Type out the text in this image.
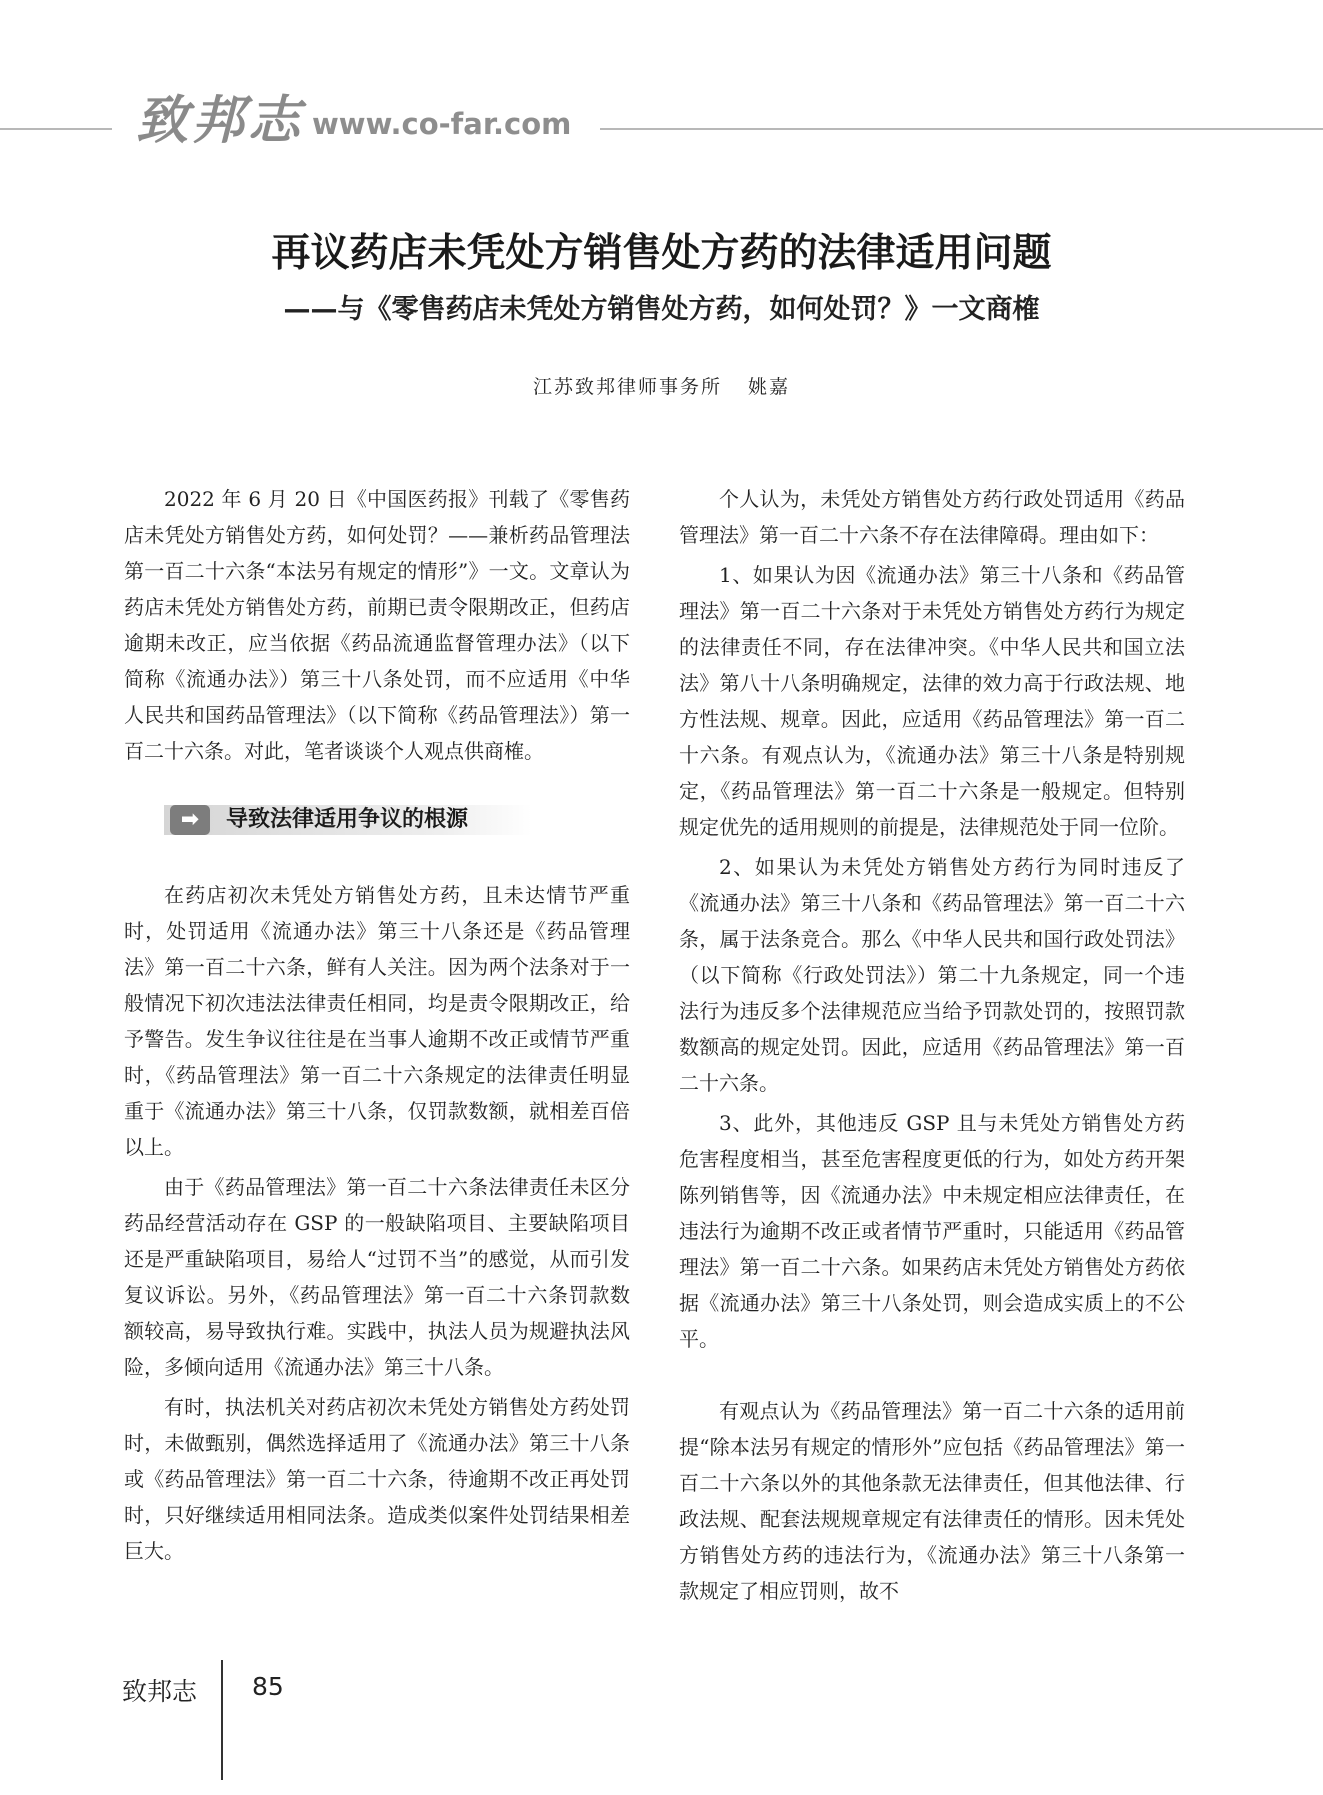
致邦志 www.co-far.com
再议药店未凭处方销售处方药的法律适用问题
——与《零售药店未凭处方销售处方药，如何处罚？》一文商榷
江苏致邦律师事务所 姚嘉

2022 年 6 月 20 日《中国医药报》刊载了《零售药店未凭处方销售处方药，如何处罚？——兼析药品管理法第一百二十六条“本法另有规定的情形”》一文。文章认为药店未凭处方销售处方药，前期已责令限期改正，但药店逾期未改正，应当依据《药品流通监督管理办法》（以下简称《流通办法》）第三十八条处罚，而不应适用《中华人民共和国药品管理法》（以下简称《药品管理法》）第一百二十六条。对此，笔者谈谈个人观点供商榷。

➡	导致法律适用争议的根源

在药店初次未凭处方销售处方药，且未达情节严重时，处罚适用《流通办法》第三十八条还是《药品管理法》第一百二十六条，鲜有人关注。因为两个法条对于一般情况下初次违法法律责任相同，均是责令限期改正，给予警告。发生争议往往是在当事人逾期不改正或情节严重时，《药品管理法》第一百二十六条规定的法律责任明显重于《流通办法》第三十八条，仅罚款数额，就相差百倍以上。

由于《药品管理法》第一百二十六条法律责任未区分药品经营活动存在 GSP 的一般缺陷项目、主要缺陷项目还是严重缺陷项目，易给人“过罚不当”的感觉，从而引发复议诉讼。另外，《药品管理法》第一百二十六条罚款数额较高，易导致执行难。实践中，执法人员为规避执法风险，多倾向适用《流通办法》第三十八条。

有时，执法机关对药店初次未凭处方销售处方药处罚时，未做甄别，偶然选择适用了《流通办法》第三十八条或《药品管理法》第一百二十六条，待逾期不改正再处罚时，只好继续适用相同法条。造成类似案件处罚结果相差巨大。

个人认为，未凭处方销售处方药行政处罚适用《药品管理法》第一百二十六条不存在法律障碍。理由如下：

1、如果认为因《流通办法》第三十八条和《药品管理法》第一百二十六条对于未凭处方销售处方药行为规定的法律责任不同，存在法律冲突。《中华人民共和国立法法》第八十八条明确规定，法律的效力高于行政法规、地方性法规、规章。因此，应适用《药品管理法》第一百二十六条。有观点认为，《流通办法》第三十八条是特别规定，《药品管理法》第一百二十六条是一般规定。但特别规定优先的适用规则的前提是，法律规范处于同一位阶。

2、如果认为未凭处方销售处方药行为同时违反了《流通办法》第三十八条和《药品管理法》第一百二十六条，属于法条竞合。那么《中华人民共和国行政处罚法》（以下简称《行政处罚法》）第二十九条规定，同一个违法行为违反多个法律规范应当给予罚款处罚的，按照罚款数额高的规定处罚。因此，应适用《药品管理法》第一百二十六条。

3、此外，其他违反 GSP 且与未凭处方销售处方药危害程度相当，甚至危害程度更低的行为，如处方药开架陈列销售等，因《流通办法》中未规定相应法律责任，在违法行为逾期不改正或者情节严重时，只能适用《药品管理法》第一百二十六条。如果药店未凭处方销售处方药依据《流通办法》第三十八条处罚，则会造成实质上的不公平。

有观点认为《药品管理法》第一百二十六条的适用前提“除本法另有规定的情形外”应包括《药品管理法》第一百二十六条以外的其他条款无法律责任，但其他法律、行政法规、配套法规规章规定有法律责任的情形。因未凭处方销售处方药的违法行为，《流通办法》第三十八条第一款规定了相应罚则，故不

致邦志 85
